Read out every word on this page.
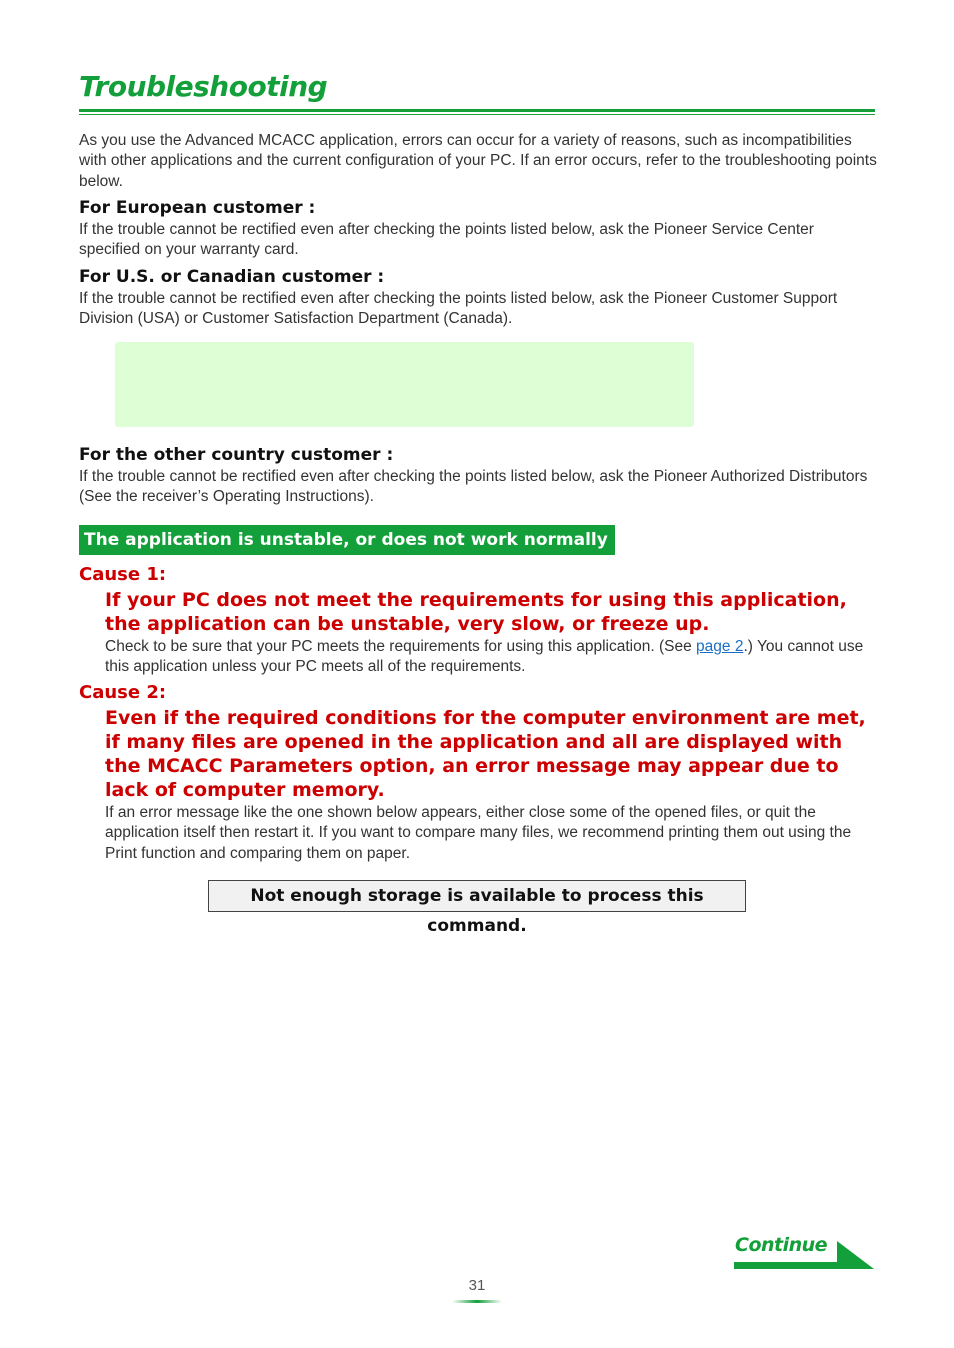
Troubleshooting

As you use the Advanced MCACC application, errors can occur for a variety of reasons, such as incompatibilities with other applications and the current configuration of your PC. If an error occurs, refer to the troubleshooting points below.

For European customer :

If the trouble cannot be rectified even after checking the points listed below, ask the Pioneer Service Center specified on your warranty card.

For U.S. or Canadian customer :

If the trouble cannot be rectified even after checking the points listed below, ask the Pioneer Customer Support Division (USA) or Customer Satisfaction Department (Canada).

For the other country customer :

If the trouble cannot be rectified even after checking the points listed below, ask the Pioneer Authorized Distributors (See the receiver’s Operating Instructions).

The application is unstable, or does not work normally

Cause 1:

If your PC does not meet the requirements for using this application, the application can be unstable, very slow, or freeze up.

Check to be sure that your PC meets the requirements for using this application. (See page 2.) You cannot use this application unless your PC meets all of the requirements.

Cause 2:

Even if the required conditions for the computer environment are met, if many files are opened in the application and all are displayed with the MCACC Parameters option, an error message may appear due to lack of computer memory.

If an error message like the one shown below appears, either close some of the opened files, or quit the application itself then restart it. If you want to compare many files, we recommend printing them out using the Print function and comparing them on paper.

Not enough storage is available to process this command.
Continue
31
